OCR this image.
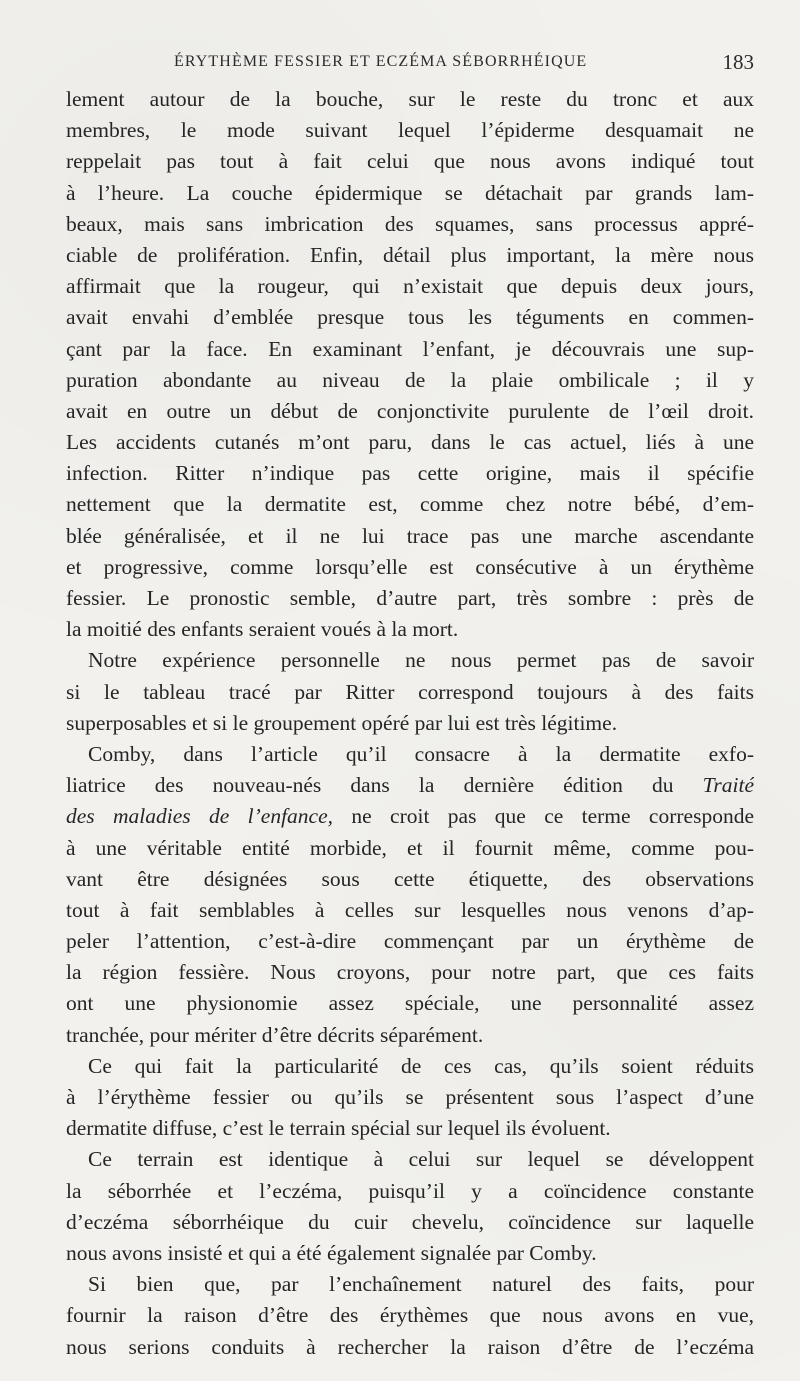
ÉRYTHÈME FESSIER ET ECZÉMA SÉBORRHÉIQUE	183
lement autour de la bouche, sur le reste du tronc et aux
membres, le mode suivant lequel l’épiderme desquamait ne
reppelait pas tout à fait celui que nous avons indiqué tout
à l’heure. La couche épidermique se détachait par grands lam-
beaux, mais sans imbrication des squames, sans processus appré-
ciable de prolifération. Enfin, détail plus important, la mère nous
affirmait que la rougeur, qui n’existait que depuis deux jours,
avait envahi d’emblée presque tous les téguments en commen-
çant par la face. En examinant l’enfant, je découvrais une sup-
puration abondante au niveau de la plaie ombilicale ; il y
avait en outre un début de conjonctivite purulente de l’œil droit.
Les accidents cutanés m’ont paru, dans le cas actuel, liés à une
infection. Ritter n’indique pas cette origine, mais il spécifie
nettement que la dermatite est, comme chez notre bébé, d’em-
blée généralisée, et il ne lui trace pas une marche ascendante
et progressive, comme lorsqu’elle est consécutive à un érythème
fessier. Le pronostic semble, d’autre part, très sombre : près de
la moitié des enfants seraient voués à la mort.
Notre expérience personnelle ne nous permet pas de savoir
si le tableau tracé par Ritter correspond toujours à des faits
superposables et si le groupement opéré par lui est très légitime.
Comby, dans l’article qu’il consacre à la dermatite exfo-
liatrice des nouveau-nés dans la dernière édition du Traité
des maladies de l’enfance, ne croit pas que ce terme corresponde
à une véritable entité morbide, et il fournit même, comme pou-
vant être désignées sous cette étiquette, des observations
tout à fait semblables à celles sur lesquelles nous venons d’ap-
peler l’attention, c’est-à-dire commençant par un érythème de
la région fessière. Nous croyons, pour notre part, que ces faits
ont une physionomie assez spéciale, une personnalité assez
tranchée, pour mériter d’être décrits séparément.
Ce qui fait la particularité de ces cas, qu’ils soient réduits
à l’érythème fessier ou qu’ils se présentent sous l’aspect d’une
dermatite diffuse, c’est le terrain spécial sur lequel ils évoluent.
Ce terrain est identique à celui sur lequel se développent
la séborrhée et l’eczéma, puisqu’il y a coïncidence constante
d’eczéma séborrhéique du cuir chevelu, coïncidence sur laquelle
nous avons insisté et qui a été également signalée par Comby.
Si bien que, par l’enchaînement naturel des faits, pour
fournir la raison d’être des érythèmes que nous avons en vue,
nous serions conduits à rechercher la raison d’être de l’eczéma
